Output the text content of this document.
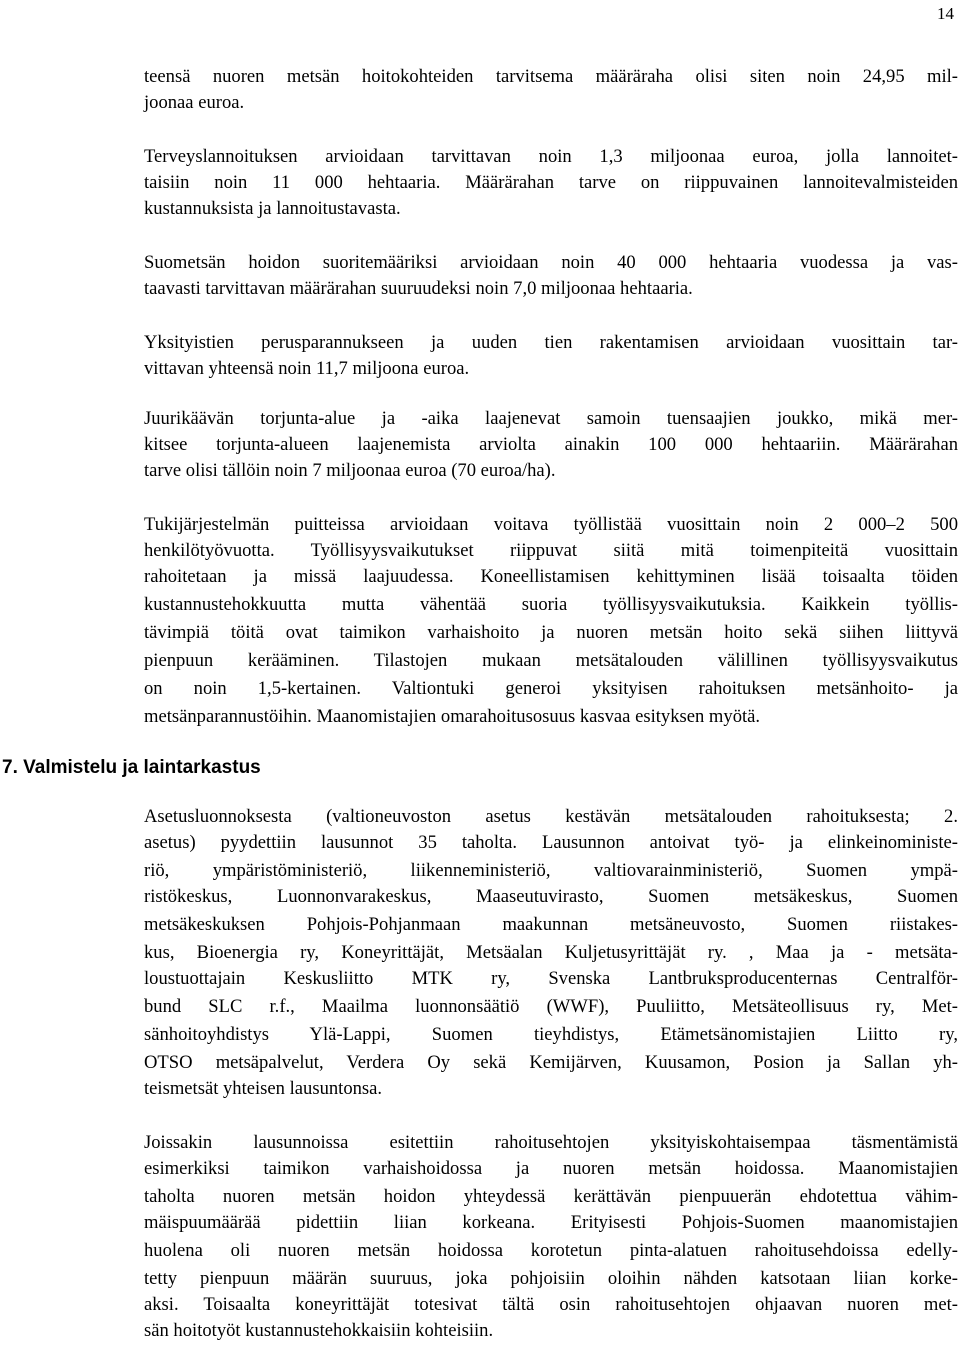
14
teensä nuoren metsän hoitokohteiden tarvitsema määräraha olisi siten noin 24,95 mil-
joonaa euroa.
Terveyslannoituksen arvioidaan tarvittavan noin 1,3 miljoonaa euroa, jolla lannoitet-
taisiin noin 11 000 hehtaaria. Määrärahan tarve on riippuvainen lannoitevalmisteiden
kustannuksista ja lannoitustavasta.
Suometsän hoidon suoritemääriksi arvioidaan noin 40 000 hehtaaria vuodessa ja vas-
taavasti tarvittavan määrärahan suuruudeksi noin 7,0 miljoonaa hehtaaria.
Yksityistien perusparannukseen ja uuden tien rakentamisen arvioidaan vuosittain tar-
vittavan yhteensä noin 11,7 miljoona euroa.
Juurikäävän torjunta-alue ja -aika laajenevat samoin tuensaajien joukko, mikä mer-
kitsee torjunta-alueen laajenemista arviolta ainakin 100 000 hehtaariin. Määrärahan
tarve olisi tällöin noin 7 miljoonaa euroa (70 euroa/ha).
Tukijärjestelmän puitteissa arvioidaan voitava työllistää vuosittain noin 2 000–2 500
henkilötyövuotta. Työllisyysvaikutukset riippuvat siitä mitä toimenpiteitä vuosittain
rahoitetaan ja missä laajuudessa. Koneellistamisen kehittyminen lisää toisaalta töiden
kustannustehokkuutta mutta vähentää suoria työllisyysvaikutuksia. Kaikkein työllis-
tävimpiä töitä ovat taimikon varhaishoito ja nuoren metsän hoito sekä siihen liittyvä
pienpuun kerääminen. Tilastojen mukaan metsätalouden välillinen työllisyysvaikutus
on noin 1,5-kertainen. Valtiontuki generoi yksityisen rahoituksen metsänhoito- ja
metsänparannustöihin. Maanomistajien omarahoitusosuus kasvaa esityksen myötä.
7. Valmistelu ja laintarkastus
Asetusluonnoksesta (valtioneuvoston asetus kestävän metsätalouden rahoituksesta; 2.
asetus) pyydettiin lausunnot 35 taholta. Lausunnon antoivat työ- ja elinkeinoministe-
riö, ympäristöministeriö, liikenneministeriö, valtiovarainministeriö, Suomen ympä-
ristökeskus, Luonnonvarakeskus, Maaseutuvirasto, Suomen metsäkeskus, Suomen
metsäkeskuksen Pohjois-Pohjanmaan maakunnan metsäneuvosto, Suomen riistakes-
kus, Bioenergia ry, Koneyrittäjät, Metsäalan Kuljetusyrittäjät ry. , Maa ja - metsäta-
loustuottajain Keskusliitto MTK ry, Svenska Lantbruksproducenternas Centralför-
bund SLC r.f., Maailma luonnonsäätiö (WWF), Puuliitto, Metsäteollisuus ry, Met-
sänhoitoyhdistys Ylä-Lappi, Suomen tieyhdistys, Etämetsänomistajien Liitto ry,
OTSO metsäpalvelut, Verdera Oy sekä Kemijärven, Kuusamon, Posion ja Sallan yh-
teismetsät yhteisen lausuntonsa.
Joissakin lausunnoissa esitettiin rahoitusehtojen yksityiskohtaisempaa täsmentämistä
esimerkiksi taimikon varhaishoidossa ja nuoren metsän hoidossa. Maanomistajien
taholta nuoren metsän hoidon yhteydessä kerättävän pienpuuerän ehdotettua vähim-
mäispuumäärää pidettiin liian korkeana. Erityisesti Pohjois-Suomen maanomistajien
huolena oli nuoren metsän hoidossa korotetun pinta-alatuen rahoitusehdoissa edelly-
tetty pienpuun määrän suuruus, joka pohjoisiin oloihin nähden katsotaan liian korke-
aksi. Toisaalta koneyrittäjät totesivat tältä osin rahoitusehtojen ohjaavan nuoren met-
sän hoitotyöt kustannustehokkaisiin kohteisiin.
